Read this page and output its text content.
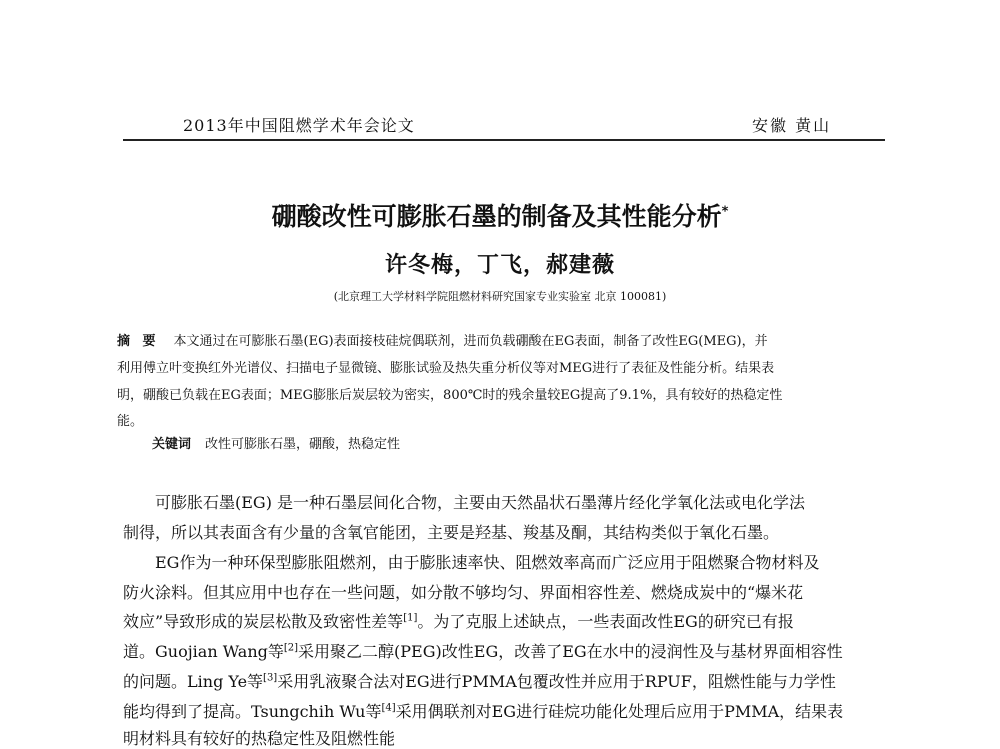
2013年中国阻燃学术年会论文	安徽 黄山
硼酸改性可膨胀石墨的制备及其性能分析*
许冬梅，丁飞，郝建薇
(北京理工大学材料学院阻燃材料研究国家专业实验室 北京 100081)
摘 要 本文通过在可膨胀石墨(EG)表面接枝硅烷偶联剂，进而负载硼酸在EG表面，制备了改性EG(MEG)，并
利用傅立叶变换红外光谱仪、扫描电子显微镜、膨胀试验及热失重分析仪等对MEG进行了表征及性能分析。结果表
明，硼酸已负载在EG表面；MEG膨胀后炭层较为密实，800℃时的残余量较EG提高了9.1%，具有较好的热稳定性
能。
关键词 改性可膨胀石墨，硼酸，热稳定性
可膨胀石墨(EG) 是一种石墨层间化合物，主要由天然晶状石墨薄片经化学氧化法或电化学法
制得，所以其表面含有少量的含氧官能团，主要是羟基、羧基及酮，其结构类似于氧化石墨。
EG作为一种环保型膨胀阻燃剂，由于膨胀速率快、阻燃效率高而广泛应用于阻燃聚合物材料及
防火涂料。但其应用中也存在一些问题，如分散不够均匀、界面相容性差、燃烧成炭中的“爆米花
效应”导致形成的炭层松散及致密性差等[1]。为了克服上述缺点，一些表面改性EG的研究已有报
道。Guojian Wang等[2]采用聚乙二醇(PEG)改性EG，改善了EG在水中的浸润性及与基材界面相容性
的问题。Ling Ye等[3]采用乳液聚合法对EG进行PMMA包覆改性并应用于RPUF，阻燃性能与力学性
能均得到了提高。Tsungchih Wu等[4]采用偶联剂对EG进行硅烷功能化处理后应用于PMMA，结果表
明材料具有较好的热稳定性及阻燃性能
